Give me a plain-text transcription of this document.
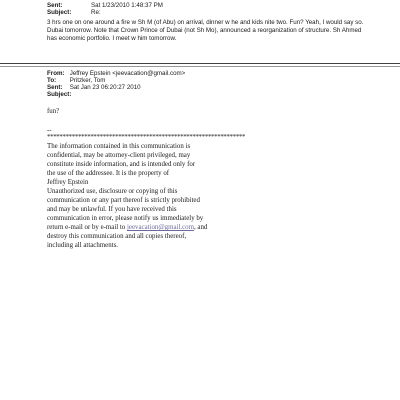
Sent:	Sat 1/23/2010 1:48:37 PM
Subject:	Re:
3 hrs one on one around a fire w Sh M (of Abu) on arrival, dinner w he and kids nite two. Fun? Yeah, I would say so. Dubai tomorrow. Note that Crown Prince of Dubai (not Sh Mo), announced a reorganization of structure. Sh Ahmed has economic portfolio. I meet w him tomorrow.
From: Jeffrey Epstein <jeevacation@gmail.com>
To: Pritzker, Tom
Sent: Sat Jan 23 06:20:27 2010
Subject:
fun?
--
****************************************************************
The information contained in this communication is
confidential, may be attorney-client privileged, may
constitute inside information, and is intended only for
the use of the addressee. It is the property of
Jeffrey Epstein
Unauthorized use, disclosure or copying of this
communication or any part thereof is strictly prohibited
and may be unlawful. If you have received this
communication in error, please notify us immediately by
return e-mail or by e-mail to jeevacation@gmail.com, and
destroy this communication and all copies thereof,
including all attachments.
